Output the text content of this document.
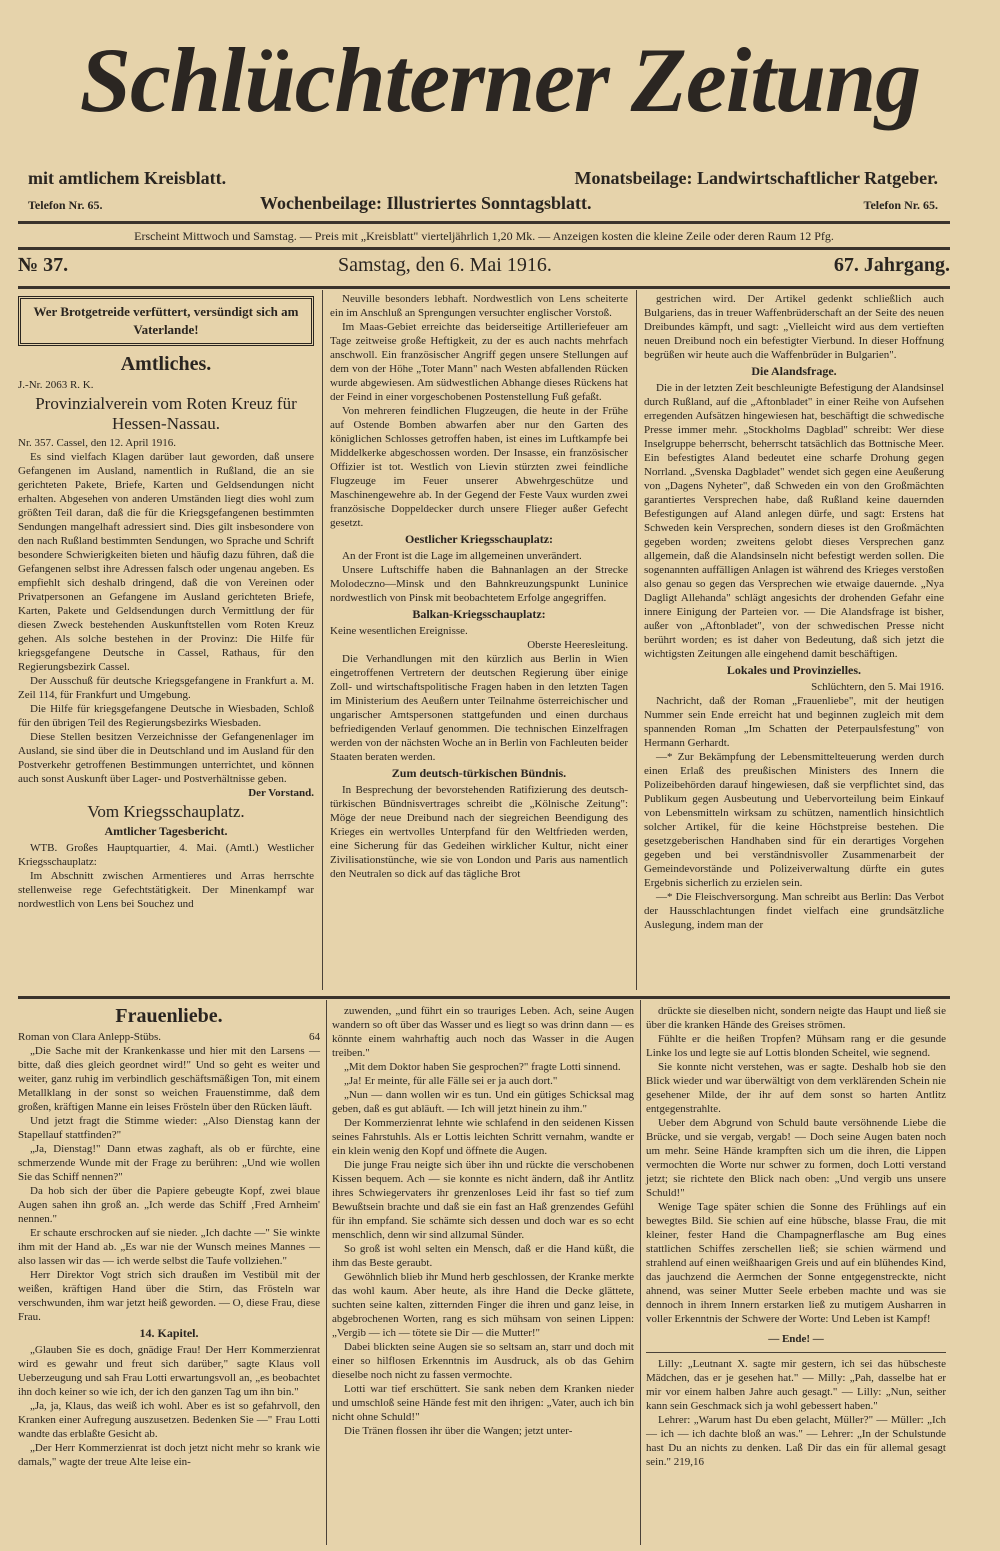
Schlüchterner Zeitung
mit amtlichem Kreisblatt.	Monatsbeilage: Landwirtschaftlicher Ratgeber.
Telefon Nr. 65.	Wochenbeilage: Illustriertes Sonntagsblatt.	Telefon Nr. 65.
Erscheint Mittwoch und Samstag. — Preis mit „Kreisblatt" vierteljährlich 1,20 Mk. — Anzeigen kosten die kleine Zeile oder deren Raum 12 Pfg.
№ 37.	Samstag, den 6. Mai 1916.	67. Jahrgang.
Wer Brotgetreide verfüttert, versündigt sich am Vaterlande!
Amtliches.
J.-Nr. 2063 R. K.
Provinzialverein vom Roten Kreuz für Hessen-Nassau.
Nr. 357. Cassel, den 12. April 1916.

Es sind vielfach Klagen darüber laut geworden, daß unsere Gefangenen im Ausland, namentlich in Rußland, die an sie gerichteten Pakete, Briefe, Karten und Geldsendungen nicht erhalten. Abgesehen von anderen Umständen liegt dies wohl zum größten Teil daran, daß die für die Kriegsgefangenen bestimmten Sendungen mangelhaft adressiert sind. Dies gilt insbesondere von den nach Rußland bestimmten Sendungen, wo Sprache und Schrift besondere Schwierigkeiten bieten und häufig dazu führen, daß die Gefangenen selbst ihre Adressen falsch oder ungenau angeben. Es empfiehlt sich deshalb dringend, daß die von Vereinen oder Privatpersonen an Gefangene im Ausland gerichteten Briefe, Karten, Pakete und Geldsendungen durch Vermittlung der für diesen Zweck bestehenden Auskunftstellen vom Roten Kreuz gehen. Als solche bestehen in der Provinz: Die Hilfe für kriegsgefangene Deutsche in Cassel, Rathaus, für den Regierungsbezirk Cassel.

Der Ausschuß für deutsche Kriegsgefangene in Frankfurt a. M. Zeil 114, für Frankfurt und Umgebung.

Die Hilfe für kriegsgefangene Deutsche in Wiesbaden, Schloß für den übrigen Teil des Regierungsbezirks Wiesbaden.

Diese Stellen besitzen Verzeichnisse der Gefangenenlager im Ausland, sie sind über die in Deutschland und im Ausland für den Postverkehr getroffenen Bestimmungen unterrichtet, und können auch sonst Auskunft über Lager- und Postverhältnisse geben.

Der Vorstand.
Vom Kriegsschauplatz.
Amtlicher Tagesbericht.

WTB. Großes Hauptquartier, 4. Mai. (Amtl.) Westlicher Kriegsschauplatz:

Im Abschnitt zwischen Armentieres und Arras herrschte stellenweise rege Gefechtstätigkeit. Der Minenkampf war nordwestlich von Lens bei Souchez und

Neuville besonders lebhaft. Nordwestlich von Lens scheiterte ein im Anschluß an Sprengungen versuchter englischer Vorstoß.

Im Maas-Gebiet erreichte das beiderseitige Artilleriefeuer am Tage zeitweise große Heftigkeit, zu der es auch nachts mehrfach anschwoll. Ein französischer Angriff gegen unsere Stellungen auf dem von der Höhe „Toter Mann" nach Westen abfallenden Rücken wurde abgewiesen. Am südwestlichen Abhange dieses Rückens hat der Feind in einer vorgeschobenen Postenstellung Fuß gefaßt.

Von mehreren feindlichen Flugzeugen, die heute in der Frühe auf Ostende Bomben abwarfen aber nur den Garten des königlichen Schlosses getroffen haben, ist eines im Luftkampfe bei Middelkerke abgeschossen worden. Der Insasse, ein französischer Offizier ist tot. Westlich von Lievin stürzten zwei feindliche Flugzeuge im Feuer unserer Abwehrgeschütze und Maschinengewehre ab. In der Gegend der Feste Vaux wurden zwei französische Doppeldecker durch unsere Flieger außer Gefecht gesetzt.

Oestlicher Kriegsschauplatz:

An der Front ist die Lage im allgemeinen unverändert.

Unsere Luftschiffe haben die Bahnanlagen an der Strecke Molodeczno—Minsk und den Bahnkreuzungspunkt Luninice nordwestlich von Pinsk mit beobachtetem Erfolge angegriffen.

Balkan-Kriegsschauplatz:
Keine wesentlichen Ereignisse.
Oberste Heeresleitung.

Die Verhandlungen mit den kürzlich aus Berlin in Wien eingetroffenen Vertretern der deutschen Regierung über einige Zoll- und wirtschaftspolitische Fragen haben in den letzten Tagen im Ministerium des Aeußern unter Teilnahme österreichischer und ungarischer Amtspersonen stattgefunden und einen durchaus befriedigenden Verlauf genommen. Die technischen Einzelfragen werden von der nächsten Woche an in Berlin von Fachleuten beider Staaten beraten werden.

Zum deutsch-türkischen Bündnis.

In Besprechung der bevorstehenden Ratifizierung des deutsch-türkischen Bündnisvertrages schreibt die „Kölnische Zeitung": Möge der neue Dreibund nach der siegreichen Beendigung des Krieges ein wertvolles Unterpfand für den Weltfrieden werden, eine Sicherung für das Gedeihen wirklicher Kultur, nicht einer Zivilisationstünche, wie sie von London und Paris aus namentlich den Neutralen so dick auf das tägliche Brot

gestrichen wird. Der Artikel gedenkt schließlich auch Bulgariens, das in treuer Waffenbrüderschaft an der Seite des neuen Dreibundes kämpft, und sagt: „Vielleicht wird aus dem vertieften neuen Dreibund noch ein befestigter Vierbund. In dieser Hoffnung begrüßen wir heute auch die Waffenbrüder in Bulgarien".

Die Alandsfrage.

Die in der letzten Zeit beschleunigte Befestigung der Alandsinsel durch Rußland, auf die „Aftonbladet" in einer Reihe von Aufsehen erregenden Aufsätzen hingewiesen hat, beschäftigt die schwedische Presse immer mehr. „Stockholms Dagblad" schreibt: Wer diese Inselgruppe beherrscht, beherrscht tatsächlich das Bottnische Meer. Ein befestigtes Aland bedeutet eine scharfe Drohung gegen Norrland. „Svenska Dagbladet" wendet sich gegen eine Aeußerung von „Dagens Nyheter", daß Schweden ein von den Großmächten garantiertes Versprechen habe, daß Rußland keine dauernden Befestigungen auf Aland anlegen dürfe, und sagt: Erstens hat Schweden kein Versprechen, sondern dieses ist den Großmächten gegeben worden; zweitens gelobt dieses Versprechen ganz allgemein, daß die Alandsinseln nicht befestigt werden sollen. Die sogenannten auffälligen Anlagen ist während des Krieges verstoßen also genau so gegen das Versprechen wie etwaige dauernde. „Nya Dagligt Allehanda" schlägt angesichts der drohenden Gefahr eine innere Einigung der Parteien vor. — Die Alandsfrage ist bisher, außer von „Aftonbladet", von der schwedischen Presse nicht berührt worden; es ist daher von Bedeutung, daß sich jetzt die wichtigsten Zeitungen alle eingehend damit beschäftigen.

Lokales und Provinzielles.
Schlüchtern, den 5. Mai 1916.

Nachricht, daß der Roman „Frauenliebe", mit der heutigen Nummer sein Ende erreicht hat und beginnen zugleich mit dem spannenden Roman „Im Schatten der Peterpaulsfestung" von Hermann Gerhardt.

—* Zur Bekämpfung der Lebensmittelteuerung werden durch einen Erlaß des preußischen Ministers des Innern die Polizeibehörden darauf hingewiesen, daß sie verpflichtet sind, das Publikum gegen Ausbeutung und Uebervorteilung beim Einkauf von Lebensmitteln wirksam zu schützen, namentlich hinsichtlich solcher Artikel, für die keine Höchstpreise bestehen. Die gesetzgeberischen Handhaben sind für ein derartiges Vorgehen gegeben und bei verständnisvoller Zusammenarbeit der Gemeindevorstände und Polizeiverwaltung dürfte ein gutes Ergebnis sicherlich zu erzielen sein.

—* Die Fleischversorgung. Man schreibt aus Berlin: Das Verbot der Hausschlachtungen findet vielfach eine grundsätzliche Auslegung, indem man der

Frauenliebe.
Roman von Clara Anlepp-Stübs.	64

„Die Sache mit der Krankenkasse und hier mit den Larsens — bitte, daß dies gleich geordnet wird!" Und so geht es weiter und weiter, ganz ruhig im verbindlich geschäftsmäßigen Ton, mit einem Metallklang in der sonst so weichen Frauenstimme, daß dem großen, kräftigen Manne ein leises Frösteln über den Rücken läuft.

Und jetzt fragt die Stimme wieder: „Also Dienstag kann der Stapellauf stattfinden?"

„Ja, Dienstag!" Dann etwas zaghaft, als ob er fürchte, eine schmerzende Wunde mit der Frage zu berühren: „Und wie wollen Sie das Schiff nennen?"

Da hob sich der über die Papiere gebeugte Kopf, zwei blaue Augen sahen ihn groß an. „Ich werde das Schiff ‚Fred Arnheim' nennen."

Er schaute erschrocken auf sie nieder. „Ich dachte —" Sie winkte ihm mit der Hand ab. „Es war nie der Wunsch meines Mannes — also lassen wir das — ich werde selbst die Taufe vollziehen."

Herr Direktor Vogt strich sich draußen im Vestibül mit der weißen, kräftigen Hand über die Stirn, das Frösteln war verschwunden, ihm war jetzt heiß geworden. — O, diese Frau, diese Frau.

14. Kapitel.

„Glauben Sie es doch, gnädige Frau! Der Herr Kommerzienrat wird es gewahr und freut sich darüber," sagte Klaus voll Ueberzeugung und sah Frau Lotti erwartungsvoll an, „es beobachtet ihn doch keiner so wie ich, der ich den ganzen Tag um ihn bin."

„Ja, ja, Klaus, das weiß ich wohl. Aber es ist so gefahrvoll, den Kranken einer Aufregung auszusetzen. Bedenken Sie —" Frau Lotti wandte das erblaßte Gesicht ab.

„Der Herr Kommerzienrat ist doch jetzt nicht mehr so krank wie damals," wagte der treue Alte leise ein-

zuwenden, „und führt ein so trauriges Leben. Ach, seine Augen wandern so oft über das Wasser und es liegt so was drinn dann — es könnte einem wahrhaftig auch noch das Wasser in die Augen treiben."

„Mit dem Doktor haben Sie gesprochen?" fragte Lotti sinnend.

„Ja! Er meinte, für alle Fälle sei er ja auch dort."

„Nun — dann wollen wir es tun. Und ein gütiges Schicksal mag geben, daß es gut abläuft. — Ich will jetzt hinein zu ihm."

Der Kommerzienrat lehnte wie schlafend in den seidenen Kissen seines Fahrstuhls. Als er Lottis leichten Schritt vernahm, wandte er ein klein wenig den Kopf und öffnete die Augen.

Die junge Frau neigte sich über ihn und rückte die verschobenen Kissen bequem. Ach — sie konnte es nicht ändern, daß ihr Antlitz ihres Schwiegervaters ihr grenzenloses Leid ihr fast so tief zum Bewußtsein brachte und daß sie ein fast an Haß grenzendes Gefühl für ihn empfand. Sie schämte sich dessen und doch war es so echt menschlich, denn wir sind allzumal Sünder.

So groß ist wohl selten ein Mensch, daß er die Hand küßt, die ihm das Beste geraubt.

Gewöhnlich blieb ihr Mund herb geschlossen, der Kranke merkte das wohl kaum. Aber heute, als ihre Hand die Decke glättete, suchten seine kalten, zitternden Finger die ihren und ganz leise, in abgebrochenen Worten, rang es sich mühsam von seinen Lippen: „Vergib — ich — tötete sie Dir — die Mutter!"

Dabei blickten seine Augen sie so seltsam an, starr und doch mit einer so hilflosen Erkenntnis im Ausdruck, als ob das Gehirn dieselbe noch nicht zu fassen vermochte.

Lotti war tief erschüttert. Sie sank neben dem Kranken nieder und umschloß seine Hände fest mit den ihrigen: „Vater, auch ich bin nicht ohne Schuld!"

Die Tränen flossen ihr über die Wangen; jetzt unter-

drückte sie dieselben nicht, sondern neigte das Haupt und ließ sie über die kranken Hände des Greises strömen.

Fühlte er die heißen Tropfen? Mühsam rang er die gesunde Linke los und legte sie auf Lottis blonden Scheitel, wie segnend.

Sie konnte nicht verstehen, was er sagte. Deshalb hob sie den Blick wieder und war überwältigt von dem verklärenden Schein nie gesehener Milde, der ihr auf dem sonst so harten Antlitz entgegenstrahlte.

Ueber dem Abgrund von Schuld baute versöhnende Liebe die Brücke, und sie vergab, vergab! — Doch seine Augen baten noch um mehr. Seine Hände krampften sich um die ihren, die Lippen vermochten die Worte nur schwer zu formen, doch Lotti verstand jetzt; sie richtete den Blick nach oben: „Und vergib uns unsere Schuld!"

Wenige Tage später schien die Sonne des Frühlings auf ein bewegtes Bild. Sie schien auf eine hübsche, blasse Frau, die mit kleiner, fester Hand die Champagnerflasche am Bug eines stattlichen Schiffes zerschellen ließ; sie schien wärmend und strahlend auf einen weißhaarigen Greis und auf ein blühendes Kind, das jauchzend die Aermchen der Sonne entgegenstreckte, nicht ahnend, was seiner Mutter Seele erbeben machte und was sie dennoch in ihrem Innern erstarken ließ zu mutigem Ausharren in voller Erkenntnis der Schwere der Worte: Und Leben ist Kampf!

— Ende! —

Lilly: „Leutnant X. sagte mir gestern, ich sei das hübscheste Mädchen, das er je gesehen hat." — Milly: „Pah, dasselbe hat er mir vor einem halben Jahre auch gesagt." — Lilly: „Nun, seither kann sein Geschmack sich ja wohl gebessert haben."

Lehrer: „Warum hast Du eben gelacht, Müller?" — Müller: „Ich — ich — ich dachte bloß an was." — Lehrer: „In der Schulstunde hast Du an nichts zu denken. Laß Dir das ein für allemal gesagt sein." 219,16
